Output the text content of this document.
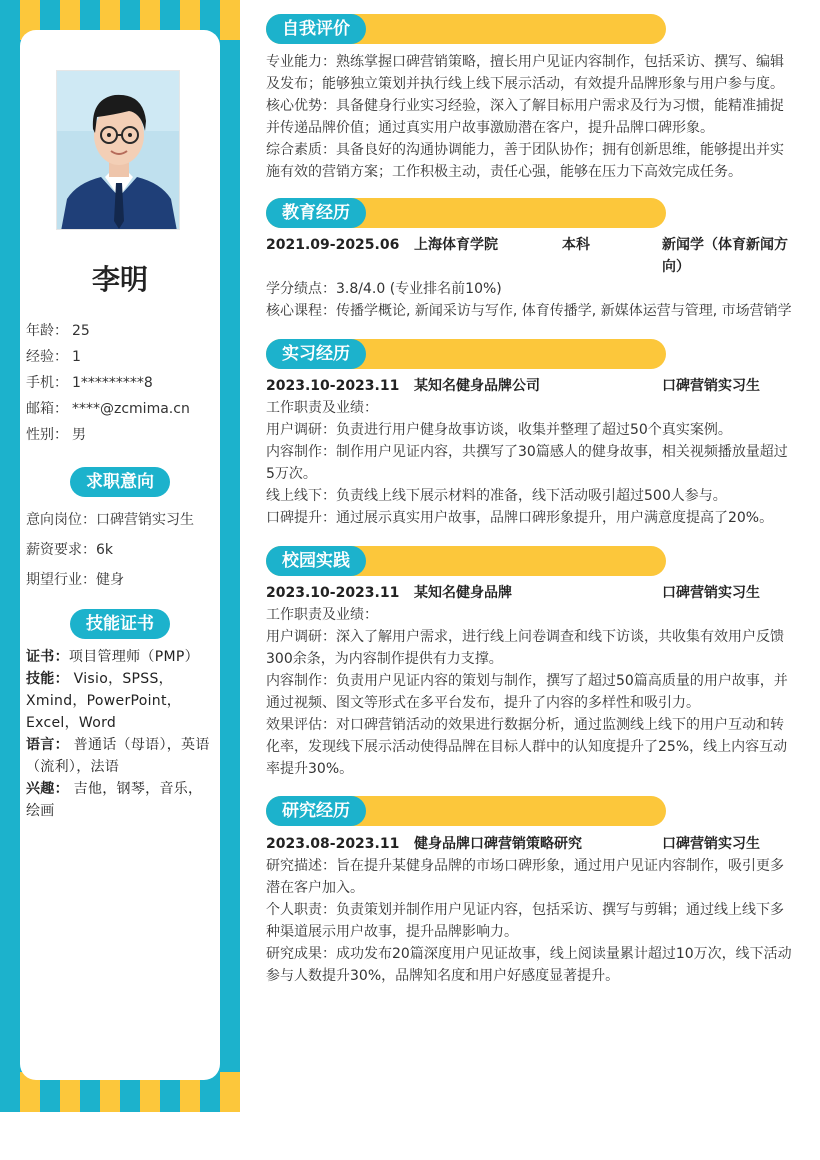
李明
年龄： 25
经验： 1
手机： 1*********8
邮箱： ****@zcmima.cn
性别： 男
求职意向
意向岗位：口碑营销实习生
薪资要求：6k
期望行业：健身
技能证书
证书：项目管理师（PMP）
技能： Visio，SPSS，Xmind，PowerPoint，Excel，Word
语言： 普通话（母语），英语（流利），法语
兴趣： 吉他，钢琴，音乐，绘画
自我评价

专业能力：熟练掌握口碑营销策略，擅长用户见证内容制作，包括采访、撰写、编辑及发布；能够独立策划并执行线上线下展示活动，有效提升品牌形象与用户参与度。

核心优势：具备健身行业实习经验，深入了解目标用户需求及行为习惯，能精准捕捉并传递品牌价值；通过真实用户故事激励潜在客户，提升品牌口碑形象。

综合素质：具备良好的沟通协调能力，善于团队协作；拥有创新思维，能够提出并实施有效的营销方案；工作积极主动，责任心强，能够在压力下高效完成任务。

教育经历
2021.09-2025.06 上海体育学院	本科	新闻学（体育新闻方向）

学分绩点：3.8/4.0 (专业排名前10%)

核心课程：传播学概论, 新闻采访与写作, 体育传播学, 新媒体运营与管理, 市场营销学

实习经历
2023.10-2023.11 某知名健身品牌公司	口碑营销实习生

工作职责及业绩：

用户调研：负责进行用户健身故事访谈，收集并整理了超过50个真实案例。

内容制作：制作用户见证内容，共撰写了30篇感人的健身故事，相关视频播放量超过5万次。

线上线下：负责线上线下展示材料的准备，线下活动吸引超过500人参与。

口碑提升：通过展示真实用户故事，品牌口碑形象提升，用户满意度提高了20%。

校园实践
2023.10-2023.11 某知名健身品牌	口碑营销实习生

工作职责及业绩：

用户调研：深入了解用户需求，进行线上问卷调查和线下访谈，共收集有效用户反馈300余条，为内容制作提供有力支撑。

内容制作：负责用户见证内容的策划与制作，撰写了超过50篇高质量的用户故事，并通过视频、图文等形式在多平台发布，提升了内容的多样性和吸引力。

效果评估：对口碑营销活动的效果进行数据分析，通过监测线上线下的用户互动和转化率，发现线下展示活动使得品牌在目标人群中的认知度提升了25%，线上内容互动率提升30%。

研究经历
2023.08-2023.11 健身品牌口碑营销策略研究	口碑营销实习生

研究描述：旨在提升某健身品牌的市场口碑形象，通过用户见证内容制作，吸引更多潜在客户加入。

个人职责：负责策划并制作用户见证内容，包括采访、撰写与剪辑；通过线上线下多种渠道展示用户故事，提升品牌影响力。

研究成果：成功发布20篇深度用户见证故事，线上阅读量累计超过10万次，线下活动参与人数提升30%，品牌知名度和用户好感度显著提升。
